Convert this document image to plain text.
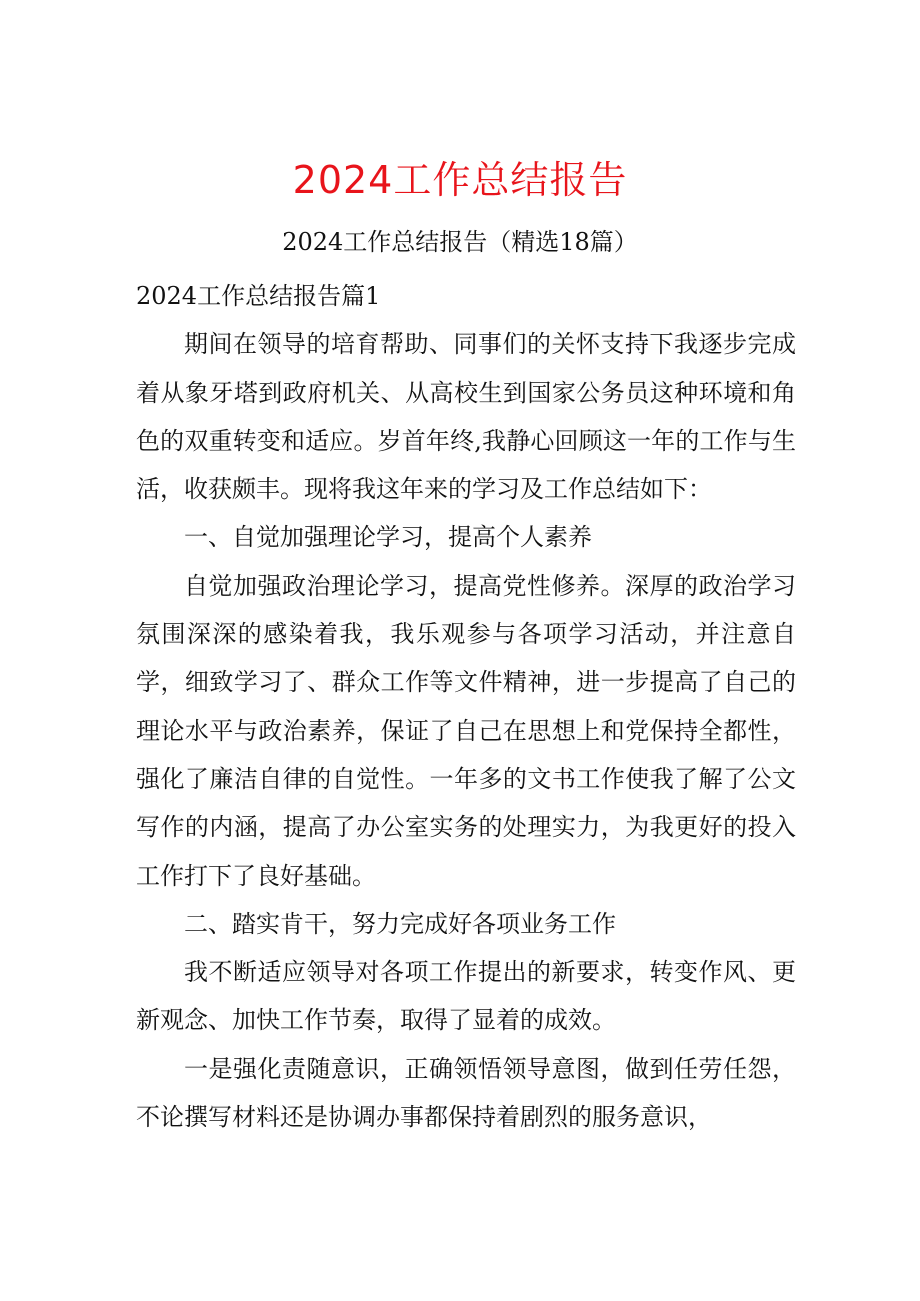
2024工作总结报告
2024工作总结报告（精选18篇）

2024工作总结报告篇1

期间在领导的培育帮助、同事们的关怀支持下我逐步完成着从象牙塔到政府机关、从高校生到国家公务员这种环境和角色的双重转变和适应。岁首年终,我静心回顾这一年的工作与生活，收获颇丰。现将我这年来的学习及工作总结如下：

一、自觉加强理论学习，提高个人素养

自觉加强政治理论学习，提高党性修养。深厚的政治学习氛围深深的感染着我，我乐观参与各项学习活动，并注意自学，细致学习了、群众工作等文件精神，进一步提高了自己的理论水平与政治素养，保证了自己在思想上和党保持全都性，强化了廉洁自律的自觉性。一年多的文书工作使我了解了公文写作的内涵，提高了办公室实务的处理实力，为我更好的投入工作打下了良好基础。

二、踏实肯干，努力完成好各项业务工作

我不断适应领导对各项工作提出的新要求，转变作风、更新观念、加快工作节奏，取得了显着的成效。

一是强化责随意识，正确领悟领导意图，做到任劳任怨，不论撰写材料还是协调办事都保持着剧烈的服务意识，
